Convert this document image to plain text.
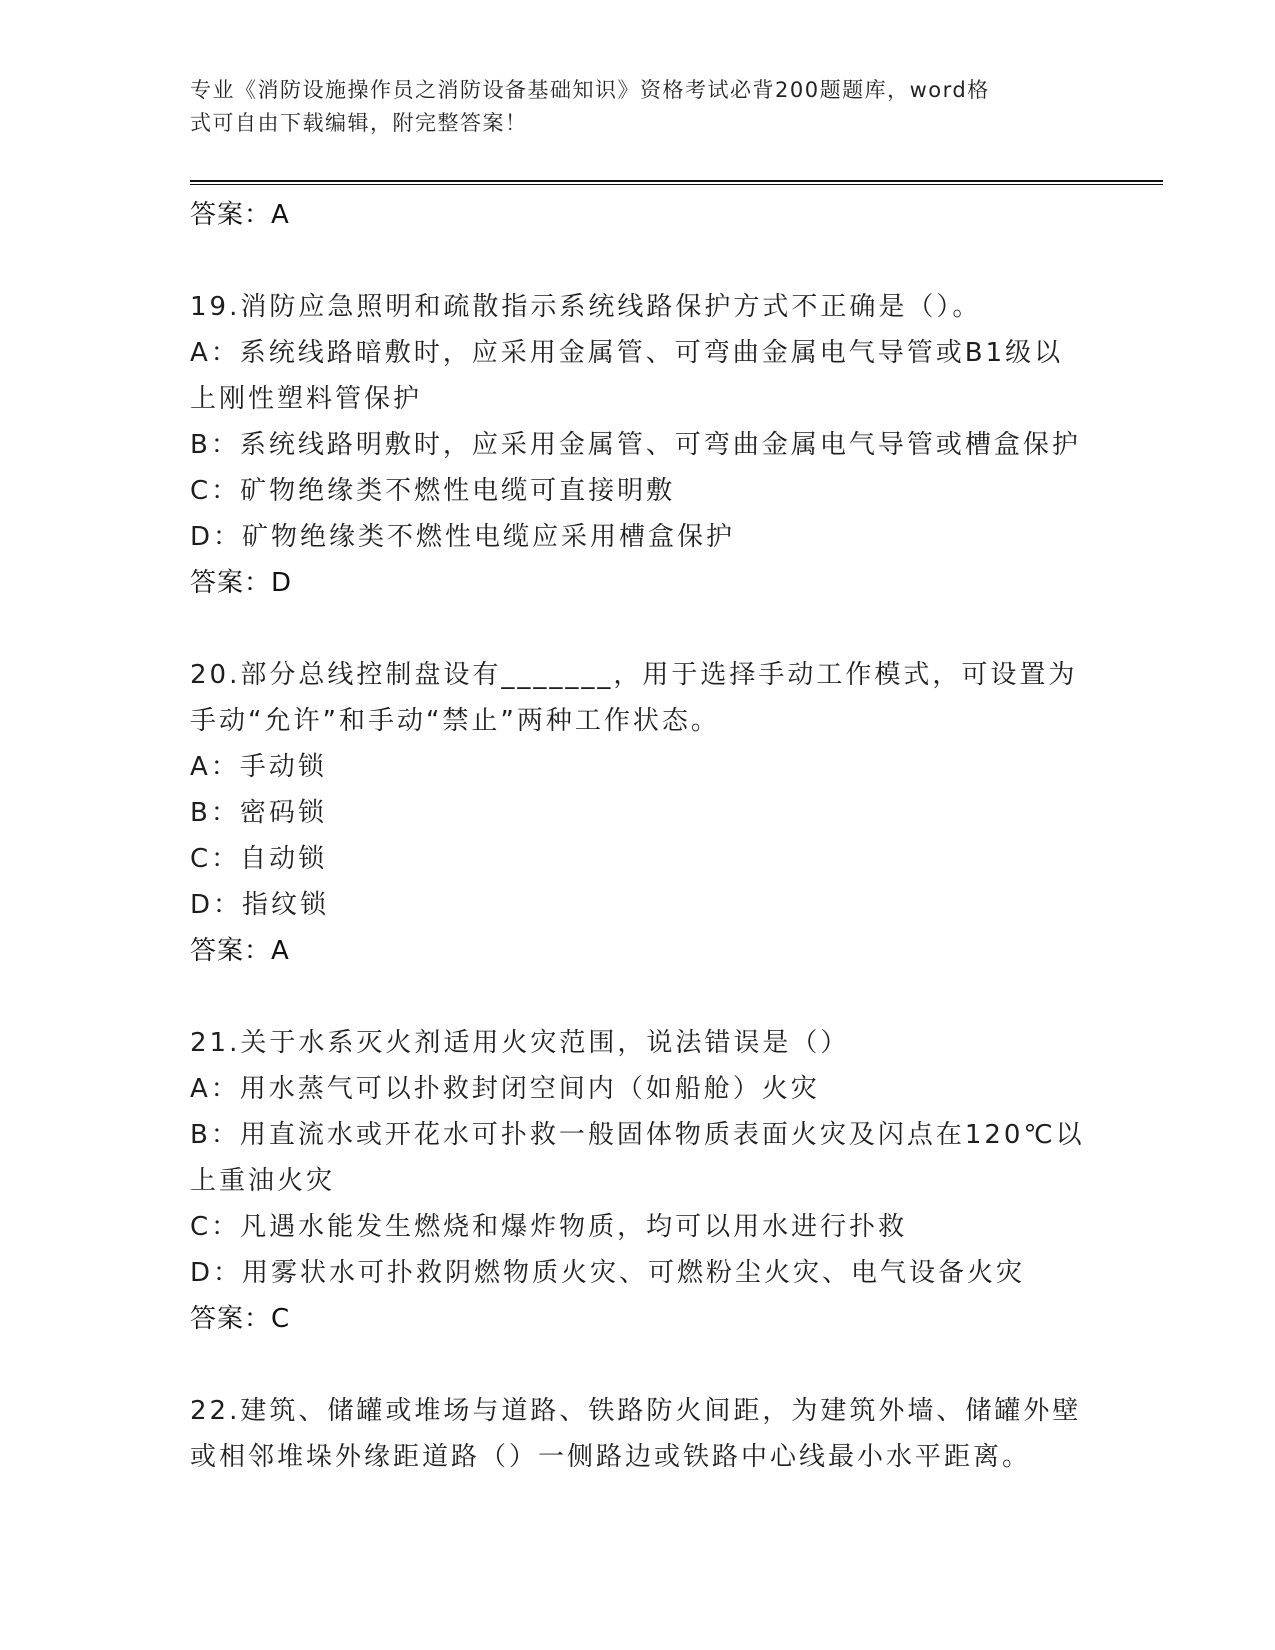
专业《消防设施操作员之消防设备基础知识》资格考试必背200题题库，word格
式可自由下载编辑，附完整答案！
答案：A
19.消防应急照明和疏散指示系统线路保护方式不正确是（）。
A：系统线路暗敷时，应采用金属管、可弯曲金属电气导管或B1级以
上刚性塑料管保护
B：系统线路明敷时，应采用金属管、可弯曲金属电气导管或槽盒保护
C：矿物绝缘类不燃性电缆可直接明敷
D：矿物绝缘类不燃性电缆应采用槽盒保护
答案：D
20.部分总线控制盘设有_______，用于选择手动工作模式，可设置为
手动“允许”和手动“禁止”两种工作状态。
A：手动锁
B：密码锁
C：自动锁
D：指纹锁
答案：A
21.关于水系灭火剂适用火灾范围，说法错误是（）
A：用水蒸气可以扑救封闭空间内（如船舱）火灾
B：用直流水或开花水可扑救一般固体物质表面火灾及闪点在120℃以
上重油火灾
C：凡遇水能发生燃烧和爆炸物质，均可以用水进行扑救
D：用雾状水可扑救阴燃物质火灾、可燃粉尘火灾、电气设备火灾
答案：C
22.建筑、储罐或堆场与道路、铁路防火间距，为建筑外墙、储罐外壁
或相邻堆垛外缘距道路（）一侧路边或铁路中心线最小水平距离。
